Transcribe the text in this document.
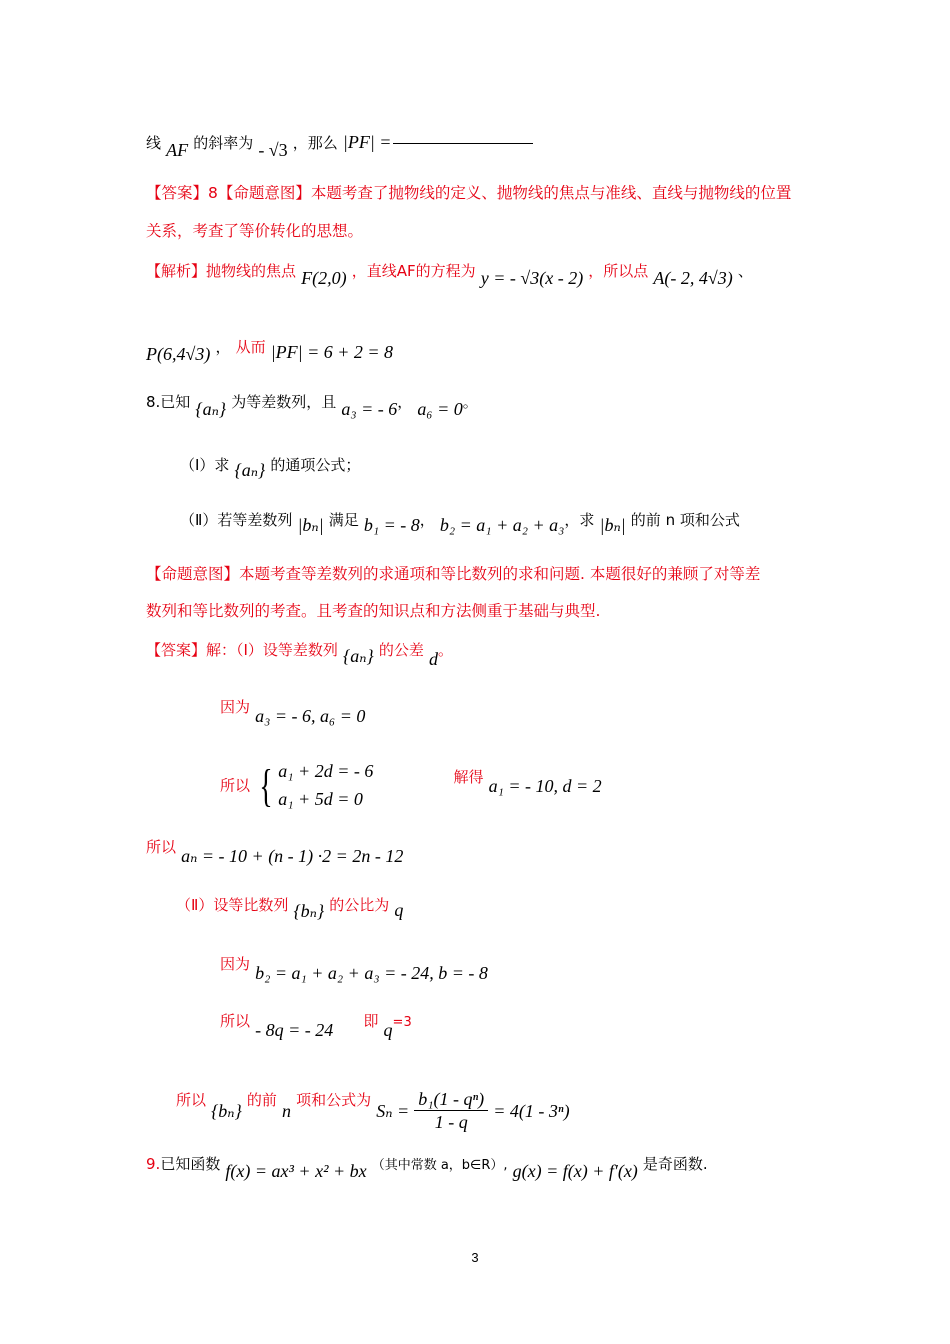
线 AF 的斜率为 - √3 ，那么 |PF| =
【答案】8【命题意图】本题考查了抛物线的定义、抛物线的焦点与准线、直线与抛物线的位置
关系，考查了等价转化的思想。
【解析】抛物线的焦点 F(2,0) ，直线AF的方程为 y = - √3(x - 2) ，所以点 A(- 2, 4√3) 、
P(6,4√3) ， 从而 |PF| = 6 + 2 = 8
8.已知 {aₙ} 为等差数列，且 a₃ = - 6， a₆ = 0。
（Ⅰ）求 {aₙ} 的通项公式；
（Ⅱ）若等差数列 |bₙ| 满足 b₁ = - 8， b₂ = a₁ + a₂ + a₃，求 |bₙ| 的前 n 项和公式
【命题意图】本题考查等差数列的求通项和等比数列的求和问题. 本题很好的兼顾了对等差
数列和等比数列的考查。且考查的知识点和方法侧重于基础与典型.
【答案】解：（Ⅰ）设等差数列 {aₙ} 的公差 d。
因为 a₃ = - 6, a₆ = 0
所以 { a₁ + 2d = - 6
a₁ + 5d = 0
解得 a₁ = - 10, d = 2
所以 aₙ = - 10 + (n - 1) ·2 = 2n - 12
（Ⅱ）设等比数列 {bₙ} 的公比为 q
因为 b₂ = a₁ + a₂ + a₃ = - 24, b = - 8
所以 - 8q = - 24 即 q=3
所以 {bₙ} 的前 n 项和公式为 $S_n = \frac{\text{b₁(1 - qⁿ)}}{1 - q} = 4(1 - 3^n)$
9.已知函数 f(x) = ax³ + x² + bx （其中常数 a，b∈R）, g(x) = f(x) + f′(x) 是奇函数.
3
